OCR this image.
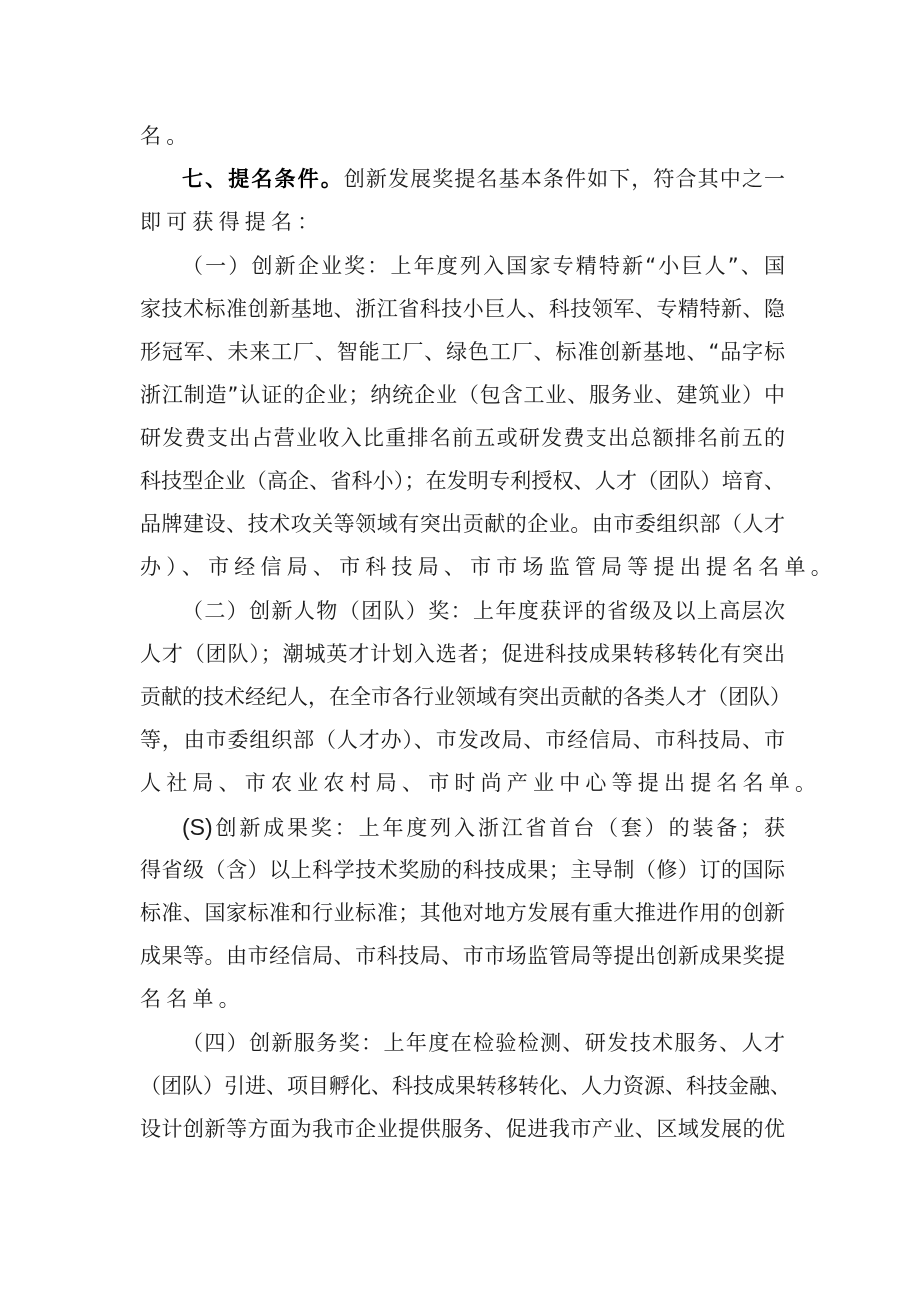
名。
七、提名条件。创新发展奖提名基本条件如下，符合其中之一
即可获得提名：
（一）创新企业奖：上年度列入国家专精特新“小巨人”、国
家技术标准创新基地、浙江省科技小巨人、科技领军、专精特新、隐
形冠军、未来工厂、智能工厂、绿色工厂、标准创新基地、“品字标
浙江制造”认证的企业；纳统企业（包含工业、服务业、建筑业）中
研发费支出占营业收入比重排名前五或研发费支出总额排名前五的
科技型企业（高企、省科小）；在发明专利授权、人才（团队）培育、
品牌建设、技术攻关等领域有突出贡献的企业。由市委组织部（人才
办）、市经信局、市科技局、市市场监管局等提出提名名单。
（二）创新人物（团队）奖：上年度获评的省级及以上高层次
人才（团队）；潮城英才计划入选者；促进科技成果转移转化有突出
贡献的技术经纪人，在全市各行业领域有突出贡献的各类人才（团队）
等，由市委组织部（人才办）、市发改局、市经信局、市科技局、市
人社局、市农业农村局、市时尚产业中心等提出提名名单。
(S)创新成果奖：上年度列入浙江省首台（套）的装备；获
得省级（含）以上科学技术奖励的科技成果；主导制（修）订的国际
标准、国家标准和行业标准；其他对地方发展有重大推进作用的创新
成果等。由市经信局、市科技局、市市场监管局等提出创新成果奖提
名名单。
（四）创新服务奖：上年度在检验检测、研发技术服务、人才
（团队）引进、项目孵化、科技成果转移转化、人力资源、科技金融、
设计创新等方面为我市企业提供服务、促进我市产业、区域发展的优
